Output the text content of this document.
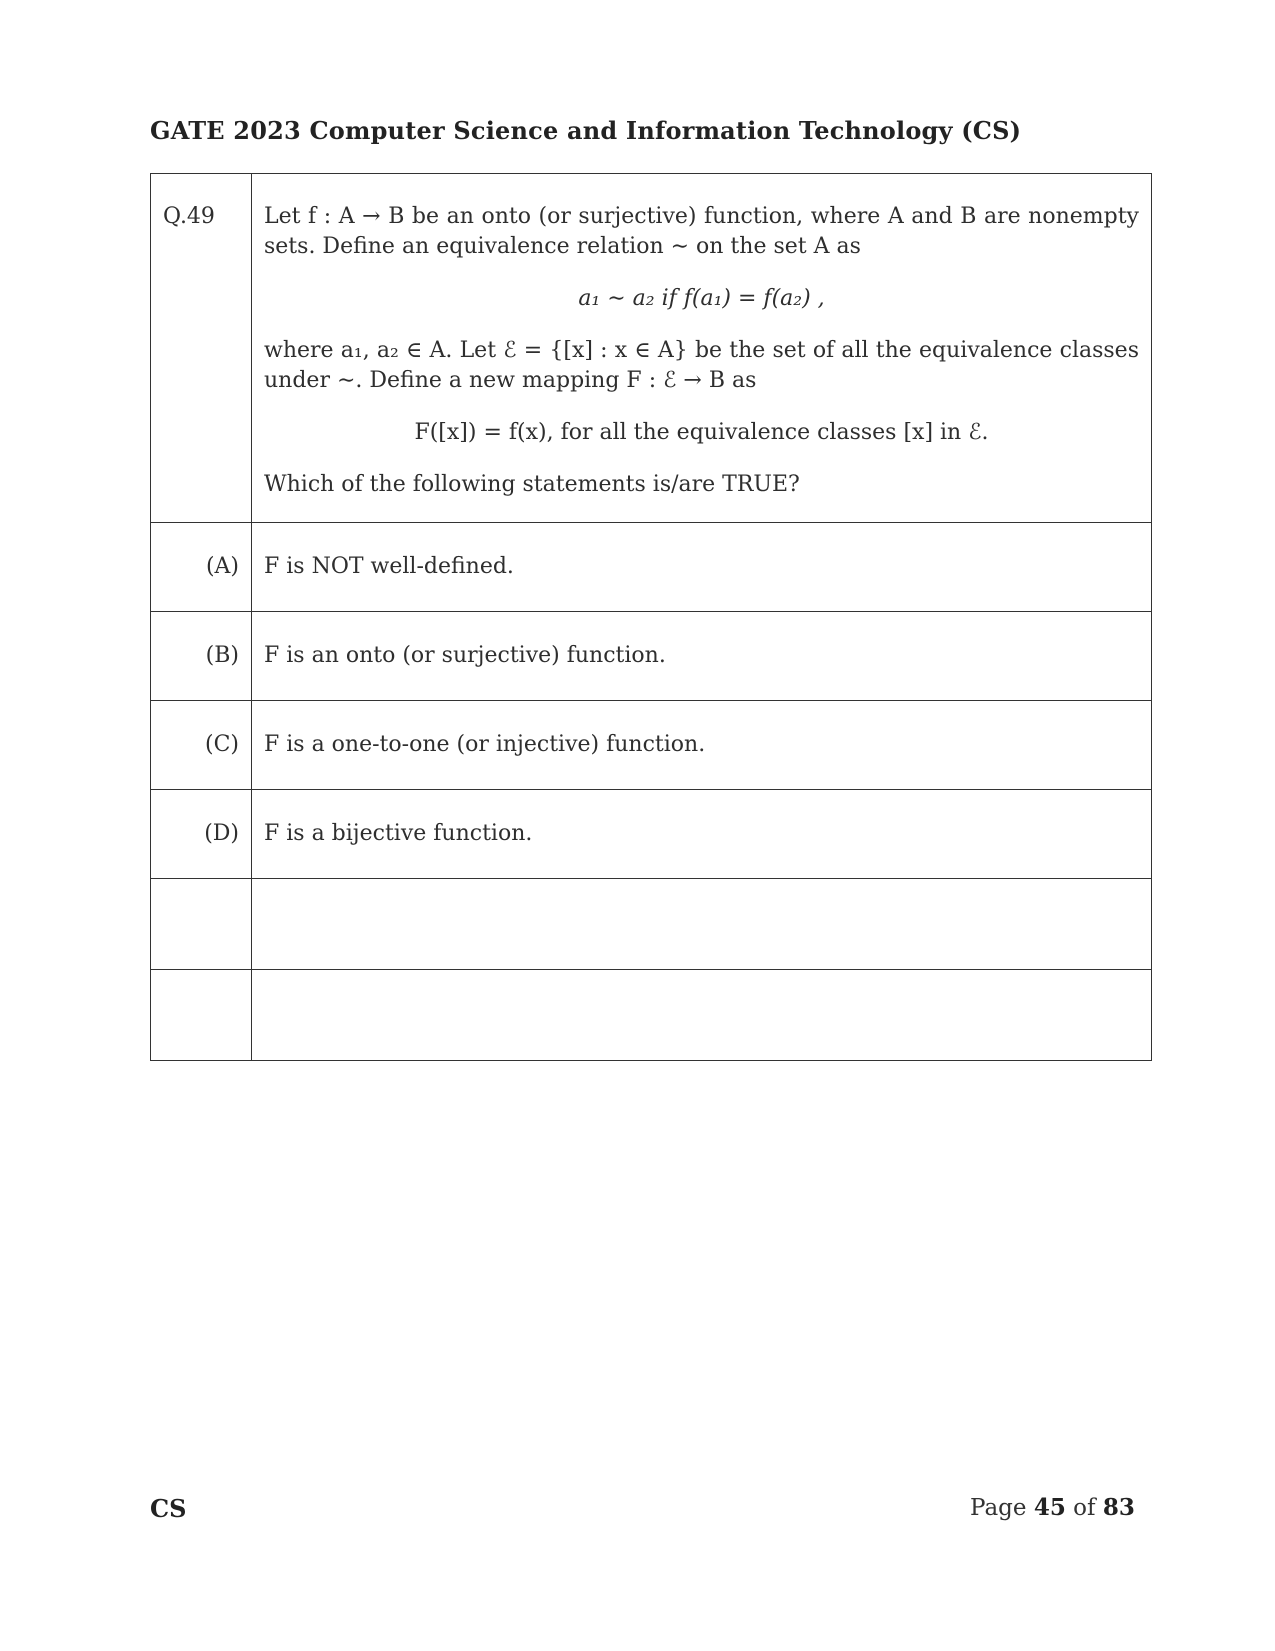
GATE 2023 Computer Science and Information Technology (CS)
Q.49	Let f : A → B be an onto (or surjective) function, where A and B are nonempty sets. Define an equivalence relation ∼ on the set A as

a₁ ∼ a₂ if f(a₁) = f(a₂) ,

where a₁, a₂ ∈ A. Let ℰ = {[x] : x ∈ A} be the set of all the equivalence classes under ∼. Define a new mapping F : ℰ → B as

F([x]) = f(x), for all the equivalence classes [x] in ℰ.

Which of the following statements is/are TRUE?

(A)	F is NOT well-defined.
(B)	F is an onto (or surjective) function.
(C)	F is a one-to-one (or injective) function.
(D)	F is a bijective function.

CS	Page 45 of 83
